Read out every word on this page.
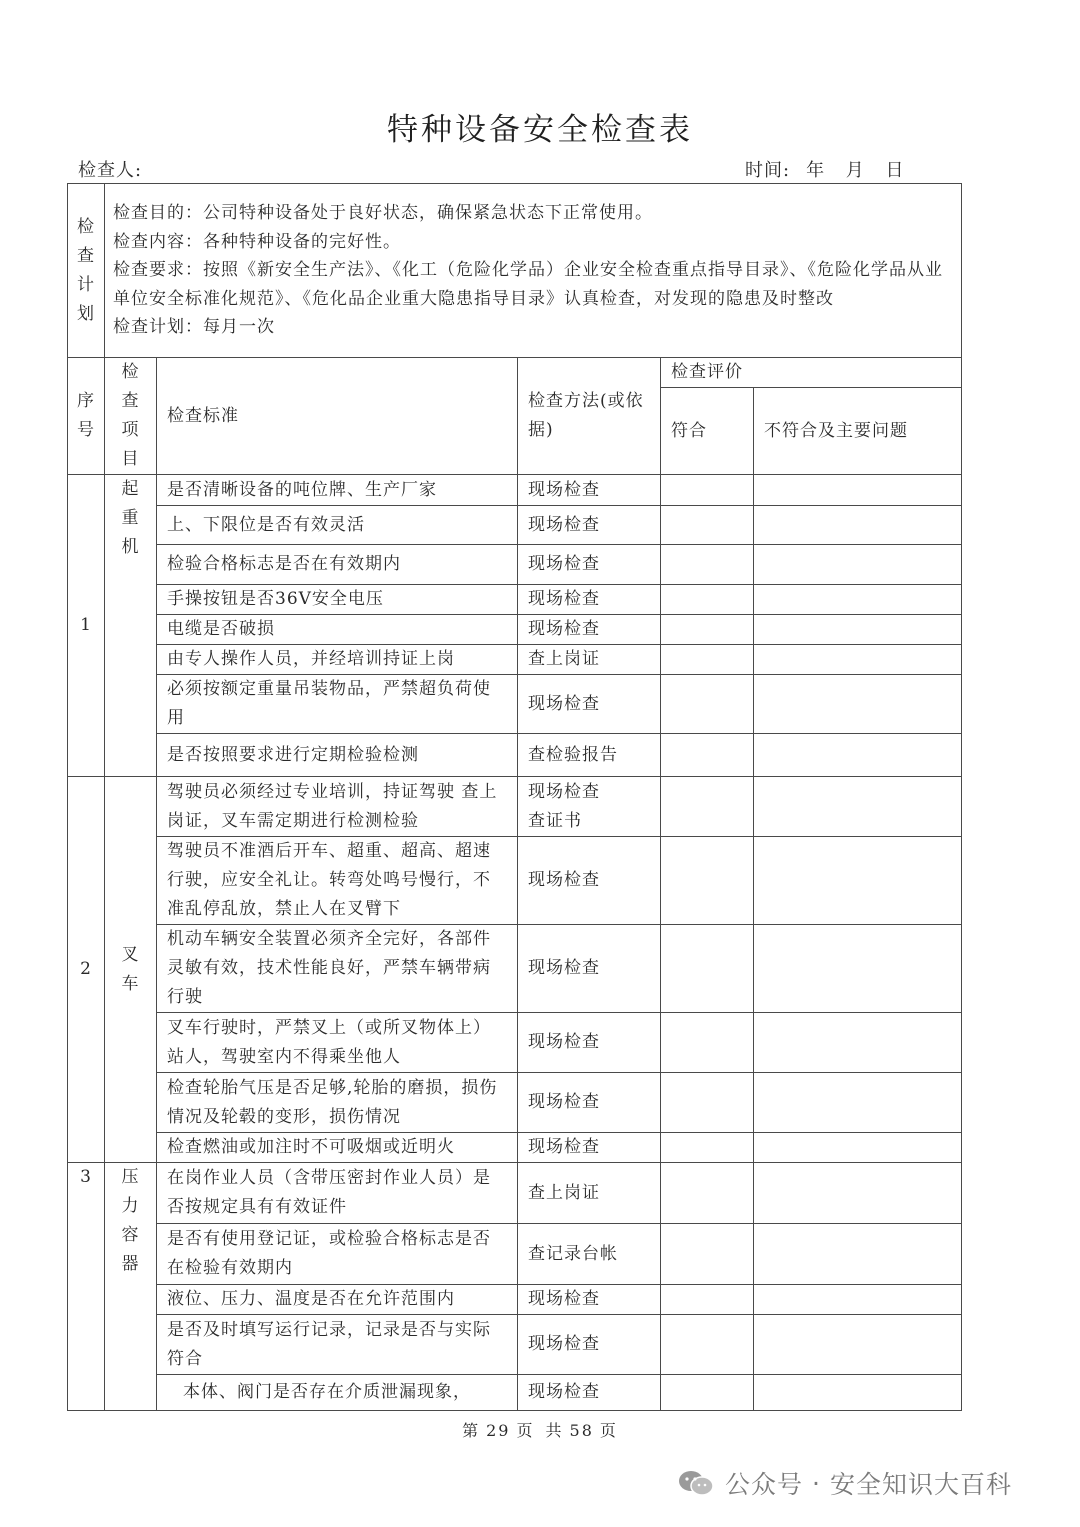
特种设备安全检查表
检查人:	时间: 年 月 日
检查计划	检查目的：公司特种设备处于良好状态，确保紧急状态下正常使用。
检查内容：各种特种设备的完好性。
检查要求：按照《新安全生产法》、《化工（危险化学品）企业安全检查重点指导目录》、《危险化学品从业单位安全标准化规范》、《危化品企业重大隐患指导目录》认真检查，对发现的隐患及时整改
检查计划：每月一次				

序号	检查项目	检查标准	检查方法(或依据)	检查评价	
				符合	不符合及主要问题
1	起重机	是否清晰设备的吨位牌、生产厂家	现场检查		
		上、下限位是否有效灵活	现场检查		
		检验合格标志是否在有效期内	现场检查		
		手操按钮是否36V安全电压	现场检查		
		电缆是否破损	现场检查		
		由专人操作人员，并经培训持证上岗	查上岗证		
		必须按额定重量吊装物品，严禁超负荷使用	现场检查		
		是否按照要求进行定期检验检测	查检验报告		
2	叉车	驾驶员必须经过专业培训，持证驾驶 查上岗证，叉车需定期进行检测检验	现场检查查证书		
		驾驶员不准酒后开车、超重、超高、超速行驶，应安全礼让。转弯处鸣号慢行，不准乱停乱放，禁止人在叉臂下	现场检查		
		机动车辆安全装置必须齐全完好，各部件灵敏有效，技术性能良好，严禁车辆带病行驶	现场检查		
		叉车行驶时，严禁叉上（或所叉物体上）站人，驾驶室内不得乘坐他人	现场检查		
		检查轮胎气压是否足够,轮胎的磨损，损伤情况及轮毂的变形，损伤情况	现场检查		
		检查燃油或加注时不可吸烟或近明火	现场检查		
3	压力容器	在岗作业人员（含带压密封作业人员）是否按规定具有有效证件	查上岗证		
		是否有使用登记证，或检验合格标志是否在检验有效期内	查记录台帐		
		液位、压力、温度是否在允许范围内	现场检查		
		是否及时填写运行记录，记录是否与实际符合	现场检查		
		本体、阀门是否存在介质泄漏现象，	现场检查		
第 29 页 共 58 页
公众号 · 安全知识大百科
